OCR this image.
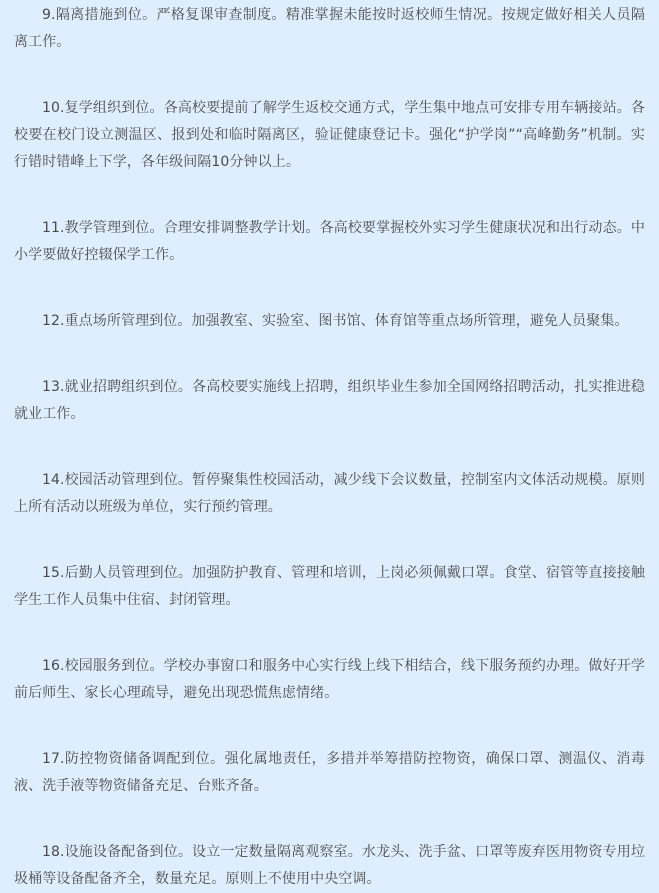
9.隔离措施到位。严格复课审查制度。精准掌握未能按时返校师生情况。按规定做好相关人员隔离工作。

10.复学组织到位。各高校要提前了解学生返校交通方式，学生集中地点可安排专用车辆接站。各校要在校门设立测温区、报到处和临时隔离区，验证健康登记卡。强化“护学岗”“高峰勤务”机制。实行错时错峰上下学，各年级间隔10分钟以上。

11.教学管理到位。合理安排调整教学计划。各高校要掌握校外实习学生健康状况和出行动态。中小学要做好控辍保学工作。

12.重点场所管理到位。加强教室、实验室、图书馆、体育馆等重点场所管理，避免人员聚集。

13.就业招聘组织到位。各高校要实施线上招聘，组织毕业生参加全国网络招聘活动，扎实推进稳就业工作。

14.校园活动管理到位。暂停聚集性校园活动，减少线下会议数量，控制室内文体活动规模。原则上所有活动以班级为单位，实行预约管理。

15.后勤人员管理到位。加强防护教育、管理和培训，上岗必须佩戴口罩。食堂、宿管等直接接触学生工作人员集中住宿、封闭管理。

16.校园服务到位。学校办事窗口和服务中心实行线上线下相结合，线下服务预约办理。做好开学前后师生、家长心理疏导，避免出现恐慌焦虑情绪。

17.防控物资储备调配到位。强化属地责任，多措并举筹措防控物资，确保口罩、测温仪、消毒液、洗手液等物资储备充足、台账齐备。

18.设施设备配备到位。设立一定数量隔离观察室。水龙头、洗手盆、口罩等废弃医用物资专用垃圾桶等设备配备齐全，数量充足。原则上不使用中央空调。
